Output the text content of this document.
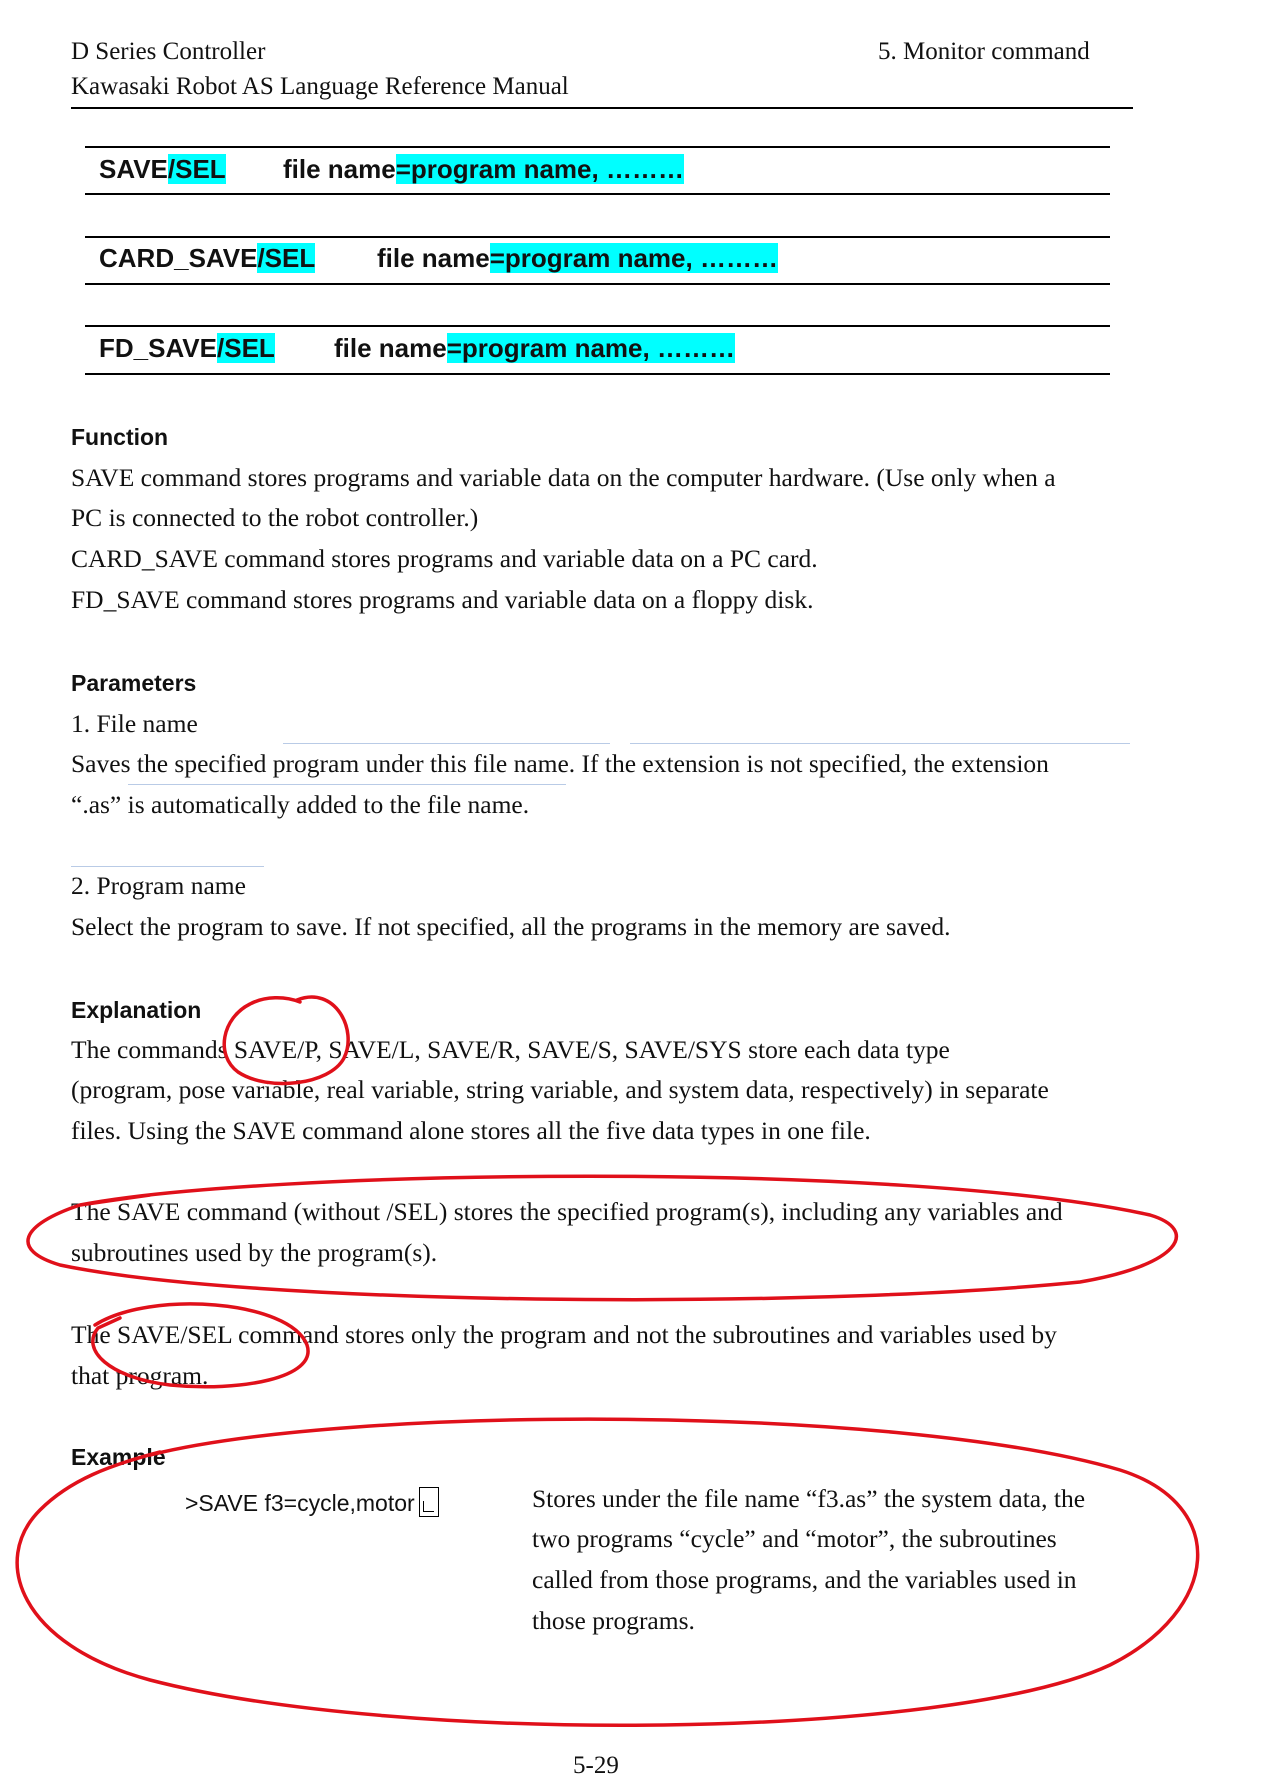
D Series Controller
Kawasaki Robot AS Language Reference Manual
5. Monitor command
SAVE/SEL file name=program name, ………
CARD_SAVE/SEL file name=program name, ………
FD_SAVE/SEL file name=program name, ………
Function
SAVE command stores programs and variable data on the computer hardware. (Use only when a
PC is connected to the robot controller.)
CARD_SAVE command stores programs and variable data on a PC card.
FD_SAVE command stores programs and variable data on a floppy disk.
Parameters
1. File name
Saves the specified program under this file name. If the extension is not specified, the extension
“.as” is automatically added to the file name.
2. Program name
Select the program to save. If not specified, all the programs in the memory are saved.
Explanation
The commands SAVE/P, SAVE/L, SAVE/R, SAVE/S, SAVE/SYS store each data type
(program, pose variable, real variable, string variable, and system data, respectively) in separate
files. Using the SAVE command alone stores all the five data types in one file.
The SAVE command (without /SEL) stores the specified program(s), including any variables and
subroutines used by the program(s).
The SAVE/SEL command stores only the program and not the subroutines and variables used by
that program.
Example
>SAVE f3=cycle,motor	Stores under the file name “f3.as” the system data, the
two programs “cycle” and “motor”, the subroutines
called from those programs, and the variables used in
those programs.
5-29
